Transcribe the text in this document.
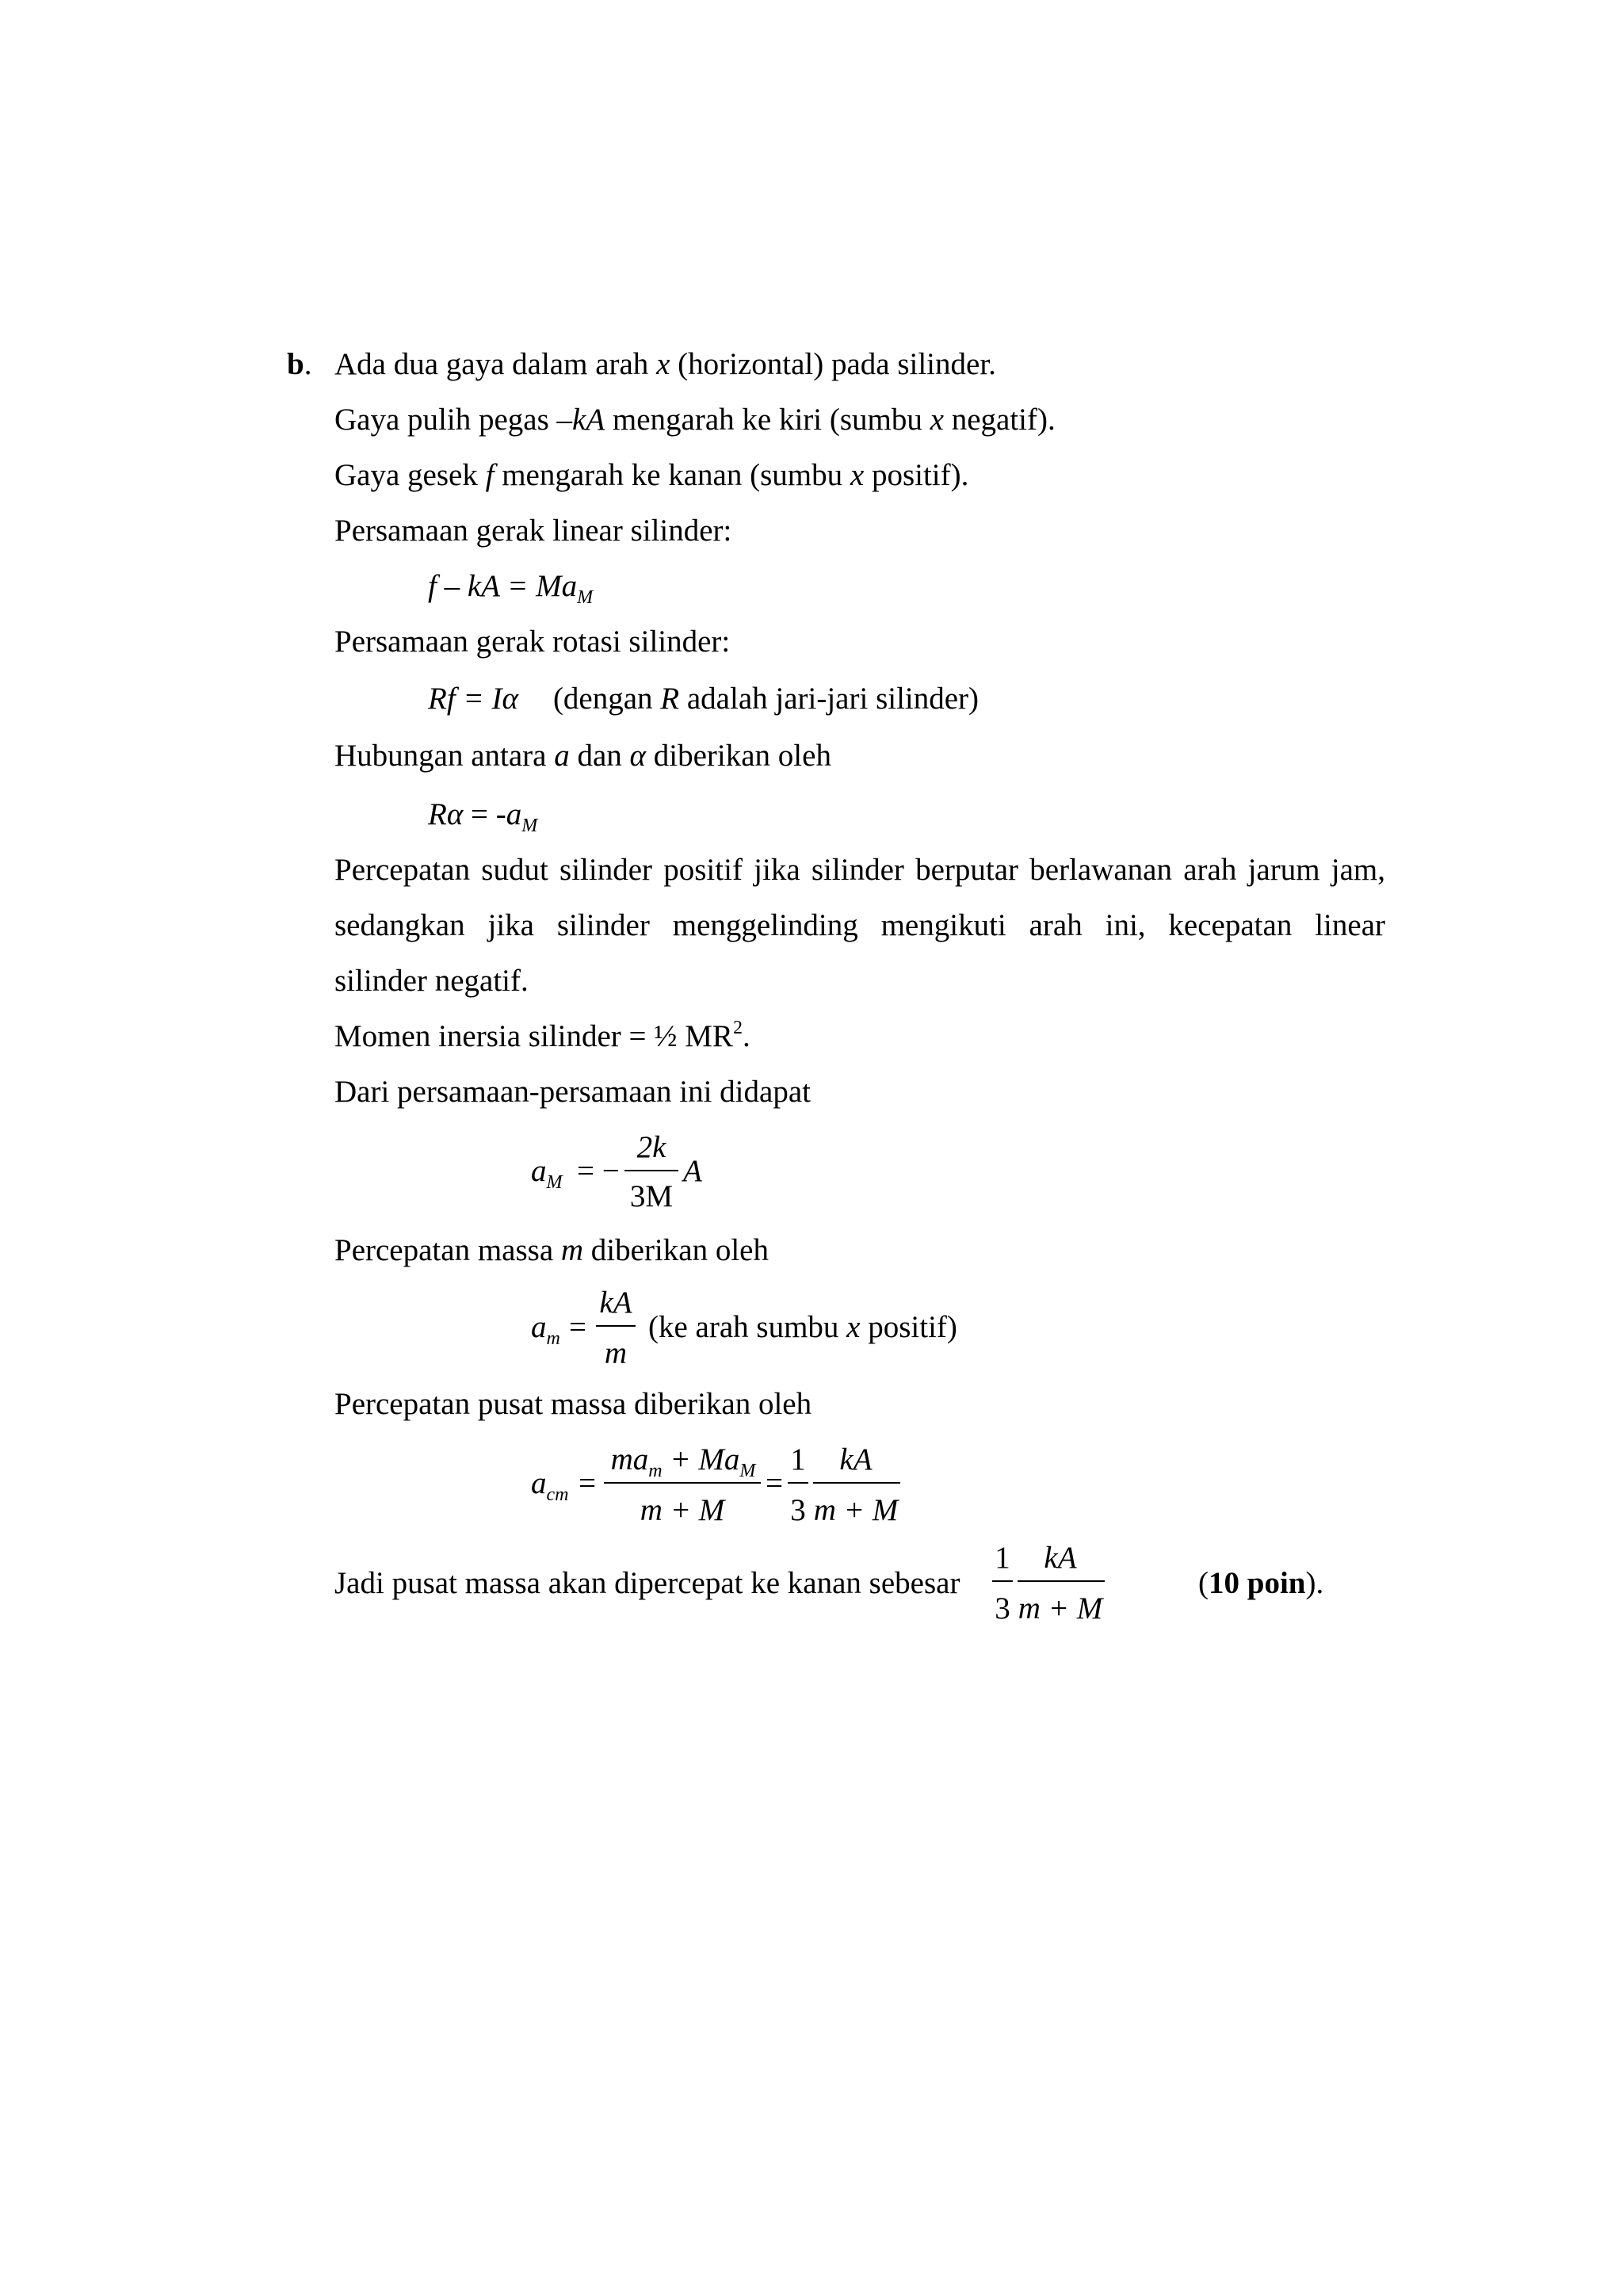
b. Ada dua gaya dalam arah x (horizontal) pada silinder.
Gaya pulih pegas –kA mengarah ke kiri (sumbu x negatif).
Gaya gesek f mengarah ke kanan (sumbu x positif).
Persamaan gerak linear silinder:
f – kA = $Ma_M$
Persamaan gerak rotasi silinder:
Rf = Iα (dengan R adalah jari-jari silinder)
Hubungan antara a dan α diberikan oleh
$R\alpha = -a_M$
Percepatan sudut silinder positif jika silinder berputar berlawanan arah jarum jam,
sedangkan jika silinder menggelinding mengikuti arah ini, kecepatan linear
silinder negatif.
Momen inersia silinder = ½ $MR^2$.
Dari persamaan-persamaan ini didapat
$a_M$ = −
2k
3M
A
Percepatan massa m diberikan oleh
$a_m$ =
kA
m
(ke arah sumbu x positif)
Percepatan pusat massa diberikan oleh
$a_{cm}$ =
$ma_m + Ma_M$
m + M
=
1
3
kA
m + M
Jadi pusat massa akan dipercepat ke kanan sebesar
1
3
kA
m + M
(10 poin).
